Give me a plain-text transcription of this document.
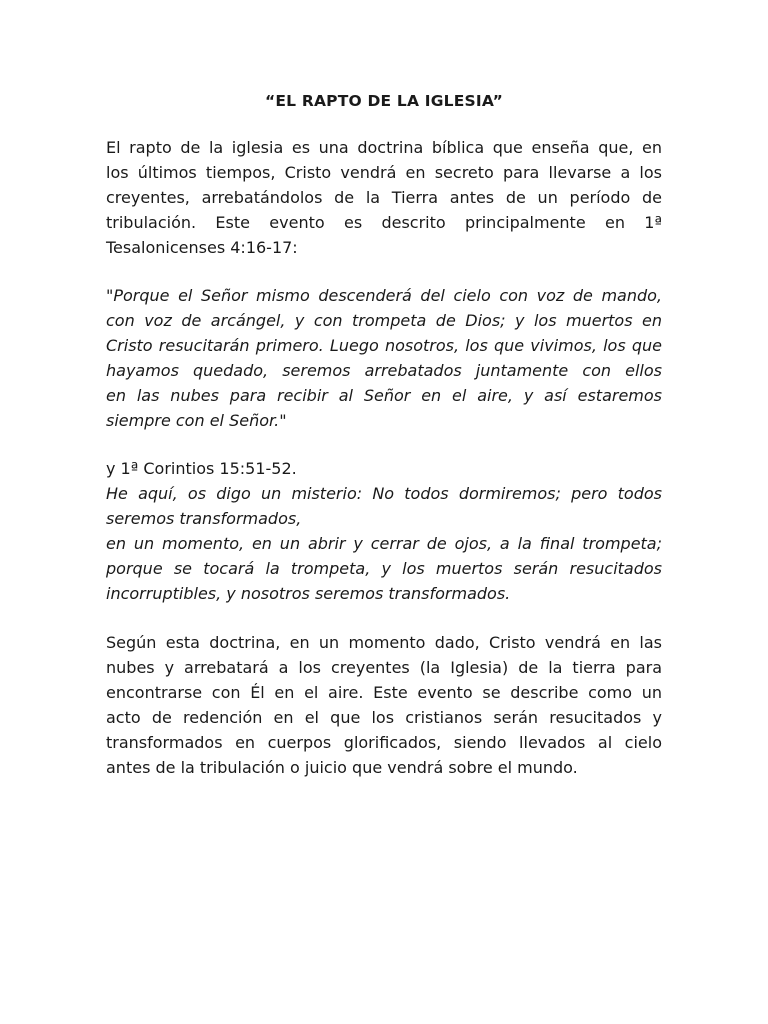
“EL RAPTO DE LA IGLESIA”

El rapto de la iglesia es una doctrina bíblica que enseña que, en
los últimos tiempos, Cristo vendrá en secreto para llevarse a los
creyentes, arrebatándolos de la Tierra antes de un período de
tribulación. Este evento es descrito principalmente en 1ª
Tesalonicenses 4:16-17:

"Porque el Señor mismo descenderá del cielo con voz de mando,
con voz de arcángel, y con trompeta de Dios; y los muertos en
Cristo resucitarán primero. Luego nosotros, los que vivimos, los que
hayamos quedado, seremos arrebatados juntamente con ellos
en las nubes para recibir al Señor en el aire, y así estaremos
siempre con el Señor."

y 1ª Corintios 15:51-52.
He aquí, os digo un misterio: No todos dormiremos; pero todos
seremos transformados,
en un momento, en un abrir y cerrar de ojos, a la final trompeta;
porque se tocará la trompeta, y los muertos serán resucitados
incorruptibles, y nosotros seremos transformados.

Según esta doctrina, en un momento dado, Cristo vendrá en las
nubes y arrebatará a los creyentes (la Iglesia) de la tierra para
encontrarse con Él en el aire. Este evento se describe como un
acto de redención en el que los cristianos serán resucitados y
transformados en cuerpos glorificados, siendo llevados al cielo
antes de la tribulación o juicio que vendrá sobre el mundo.
